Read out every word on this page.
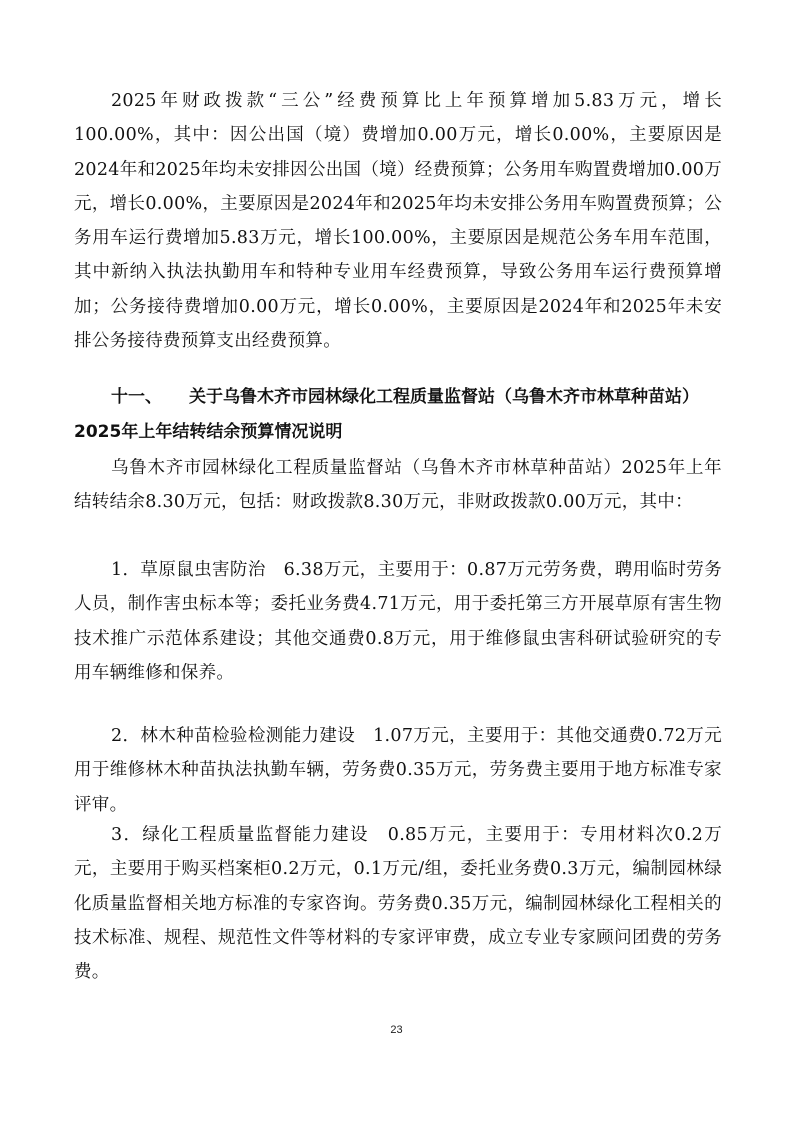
2025年财政拨款“三公”经费预算比上年预算增加5.83万元，增长100.00%，其中：因公出国（境）费增加0.00万元，增长0.00%，主要原因是2024年和2025年均未安排因公出国（境）经费预算；公务用车购置费增加0.00万元，增长0.00%，主要原因是2024年和2025年均未安排公务用车购置费预算；公务用车运行费增加5.83万元，增长100.00%，主要原因是规范公务车用车范围，其中新纳入执法执勤用车和特种专业用车经费预算，导致公务用车运行费预算增加；公务接待费增加0.00万元，增长0.00%，主要原因是2024年和2025年未安排公务接待费预算支出经费预算。

十一、 关于乌鲁木齐市园林绿化工程质量监督站（乌鲁木齐市林草种苗站）2025年上年结转结余预算情况说明

乌鲁木齐市园林绿化工程质量监督站（乌鲁木齐市林草种苗站）2025年上年结转结余8.30万元，包括：财政拨款8.30万元，非财政拨款0.00万元，其中：

1．草原鼠虫害防治　6.38万元，主要用于：0.87万元劳务费，聘用临时劳务人员，制作害虫标本等；委托业务费4.71万元，用于委托第三方开展草原有害生物技术推广示范体系建设；其他交通费0.8万元，用于维修鼠虫害科研试验研究的专用车辆维修和保养。

2．林木种苗检验检测能力建设　1.07万元，主要用于：其他交通费0.72万元用于维修林木种苗执法执勤车辆，劳务费0.35万元，劳务费主要用于地方标准专家评审。

3．绿化工程质量监督能力建设　0.85万元，主要用于：专用材料次0.2万元，主要用于购买档案柜0.2万元，0.1万元/组，委托业务费0.3万元，编制园林绿化质量监督相关地方标准的专家咨询。劳务费0.35万元，编制园林绿化工程相关的技术标准、规程、规范性文件等材料的专家评审费，成立专业专家顾问团费的劳务费。

23
